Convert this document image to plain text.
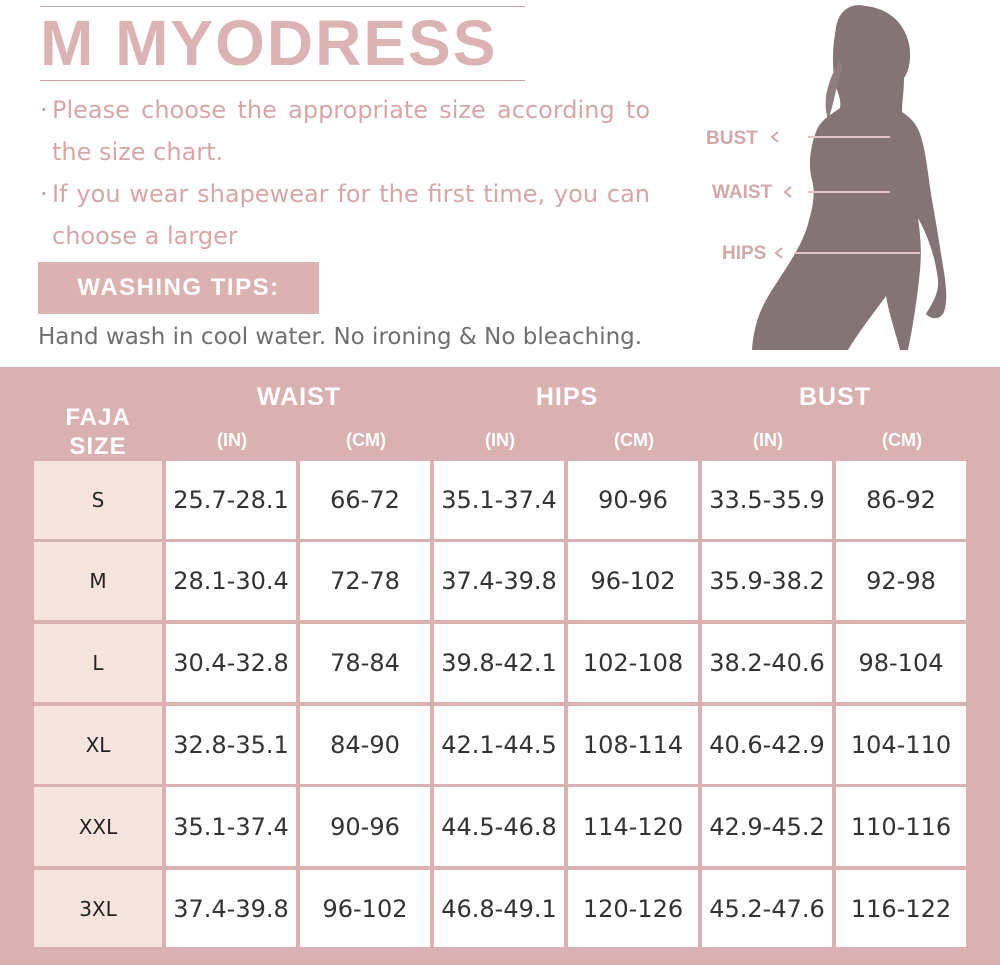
M MYODRESS
· Please choose the appropriate size according to the size chart.
· If you wear shapewear for the first time, you can choose a larger
WASHING TIPS:
Hand wash in cool water. No ironing & No bleaching.
BUST
WAIST
HIPS
FAJA
SIZE
WAIST	HIPS	BUST
(IN)	(CM)	(IN)	(CM)	(IN)	(CM)
S	25.7-28.1	66-72	35.1-37.4	90-96	33.5-35.9	86-92
M	28.1-30.4	72-78	37.4-39.8	96-102	35.9-38.2	92-98
L	30.4-32.8	78-84	39.8-42.1	102-108	38.2-40.6	98-104
XL	32.8-35.1	84-90	42.1-44.5	108-114	40.6-42.9	104-110
XXL	35.1-37.4	90-96	44.5-46.8	114-120	42.9-45.2	110-116
3XL	37.4-39.8	96-102	46.8-49.1	120-126	45.2-47.6	116-122
